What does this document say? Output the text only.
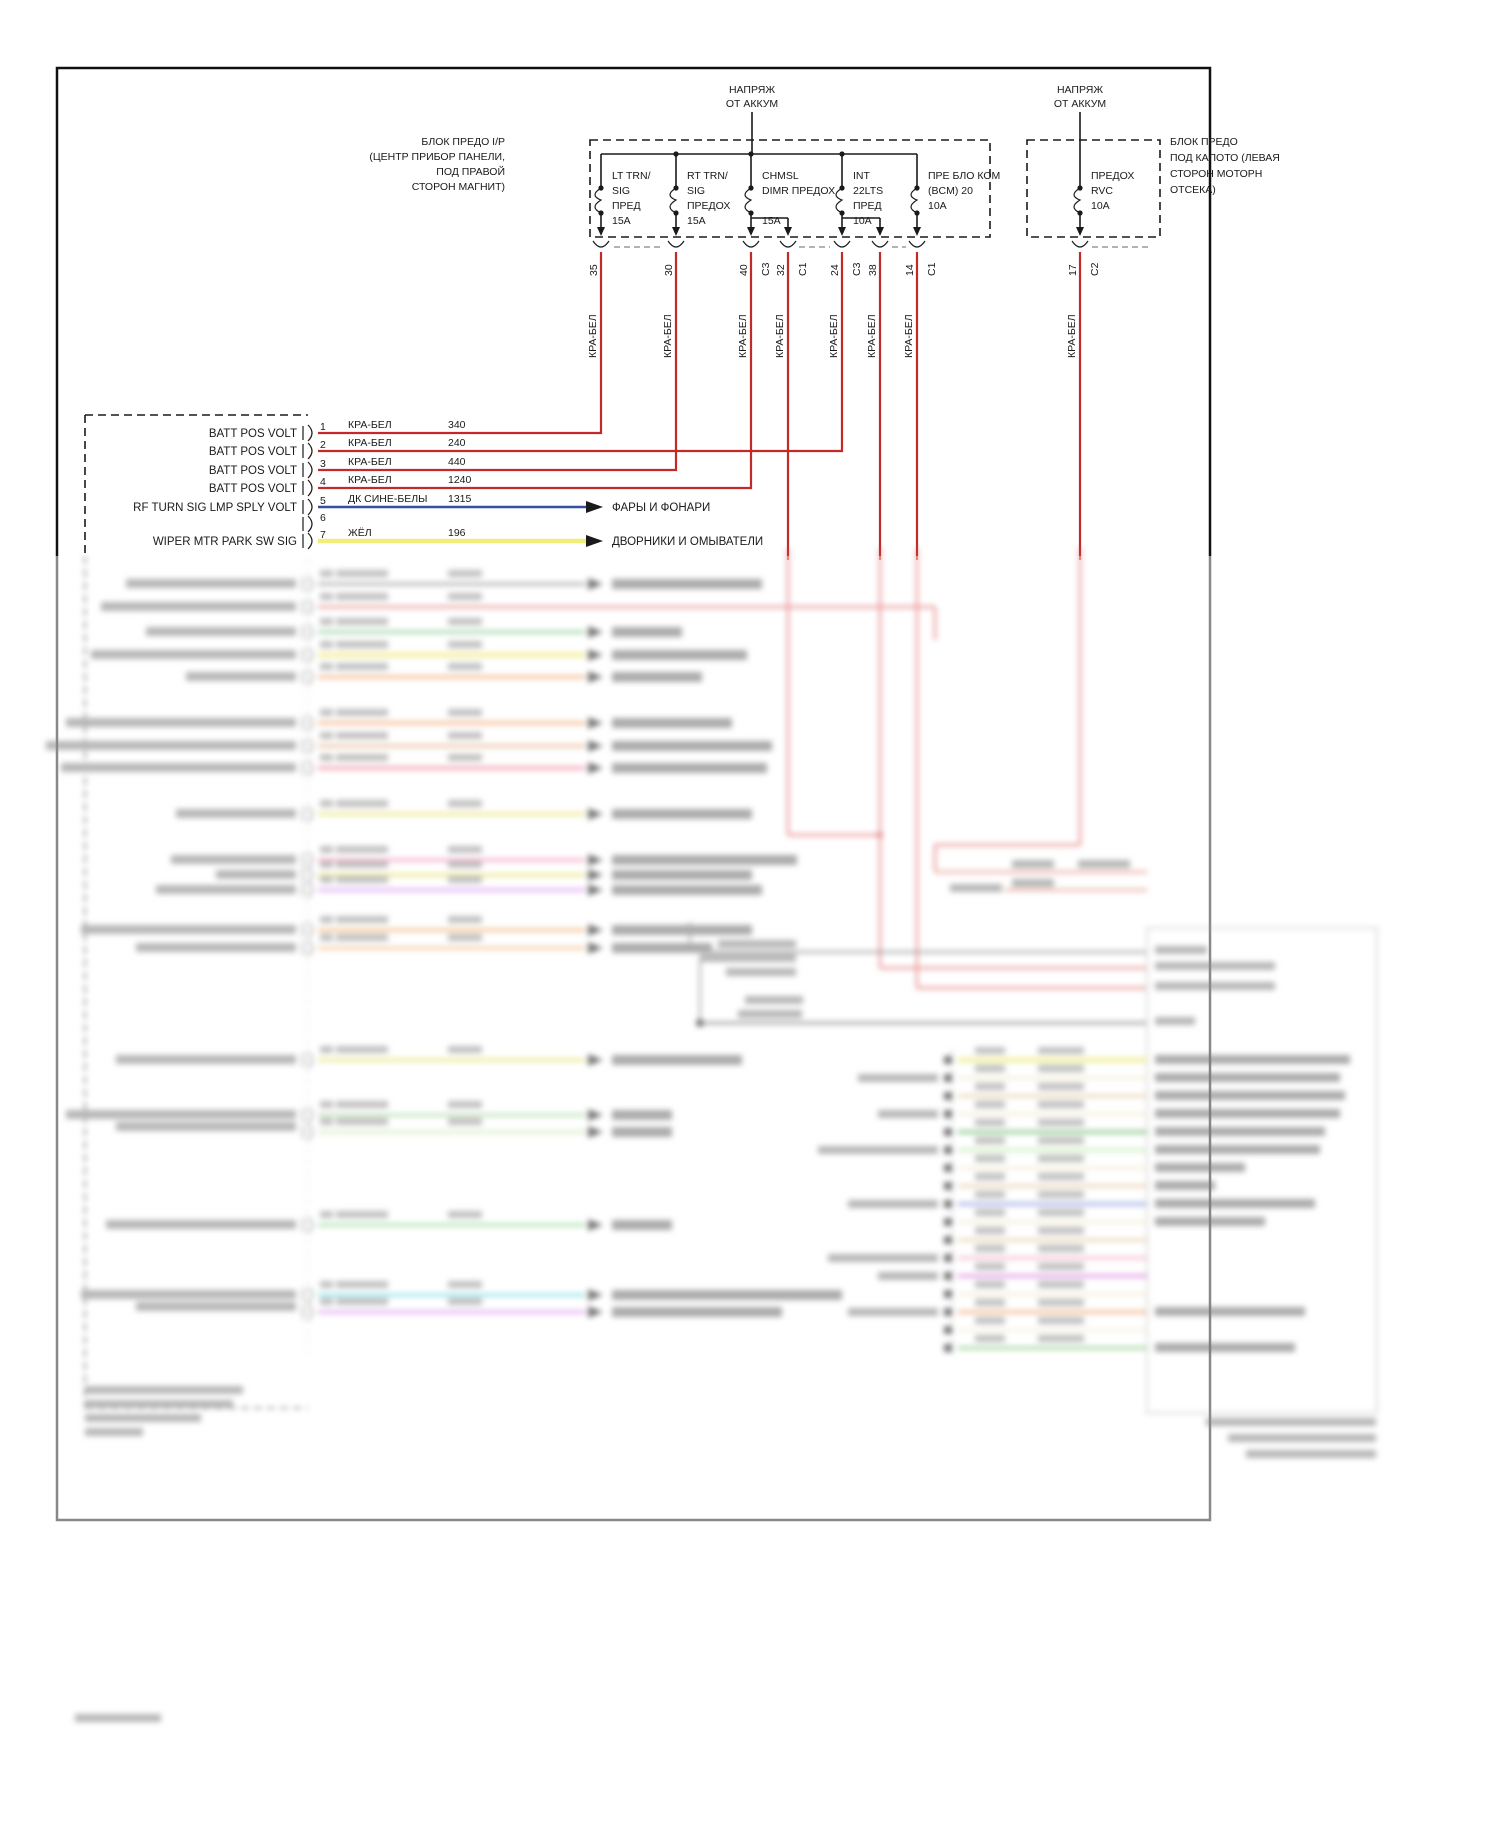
НАПРЯЖ
ОТ АККУМ
НАПРЯЖ
ОТ АККУМ
БЛОК ПРЕДО I/P
(ЦЕНТР ПРИБОР ПАНЕЛИ,
ПОД ПРАВОЙ
СТОРОН МАГНИТ)
LT TRN/
SIG
ПРЕД
15A
RT TRN/
SIG
ПРЕДОХ
15A
CHMSL
DIMR ПРЕДОХ
15A
INT
22LTS
ПРЕД
10A
ПРЕ БЛО КОМ
(BCM) 20
10A
БЛОК ПРЕДО
ПОД КАПОТО (ЛЕВАЯ
СТОРОН МОТОРН
ОТСЕКА)
ПРЕДОХ
RVC
10A
35	30	40 C3 32 C1 24 C3 38 14 C1	17 C2
КРА-БЕЛ	КРА-БЕЛ	КРА-БЕЛ КРА-БЕЛ	КРА-БЕЛ КРА-БЕЛ КРА-БЕЛ	КРА-БЕЛ
BATT POS VOLT
1 КРА-БЕЛ	340
BATT POS VOLT
2 КРА-БЕЛ	240
BATT POS VOLT
3 КРА-БЕЛ	440
BATT POS VOLT
4 КРА-БЕЛ	1240
RF TURN SIG LMP SPLY VOLT
5 ДК СИНЕ-БЕЛЫ 1315
ФАРЫ И ФОНАРИ
6
WIPER MTR PARK SW SIG
7 ЖЁЛ	196
ДВОРНИКИ И ОМЫВАТЕЛИ
